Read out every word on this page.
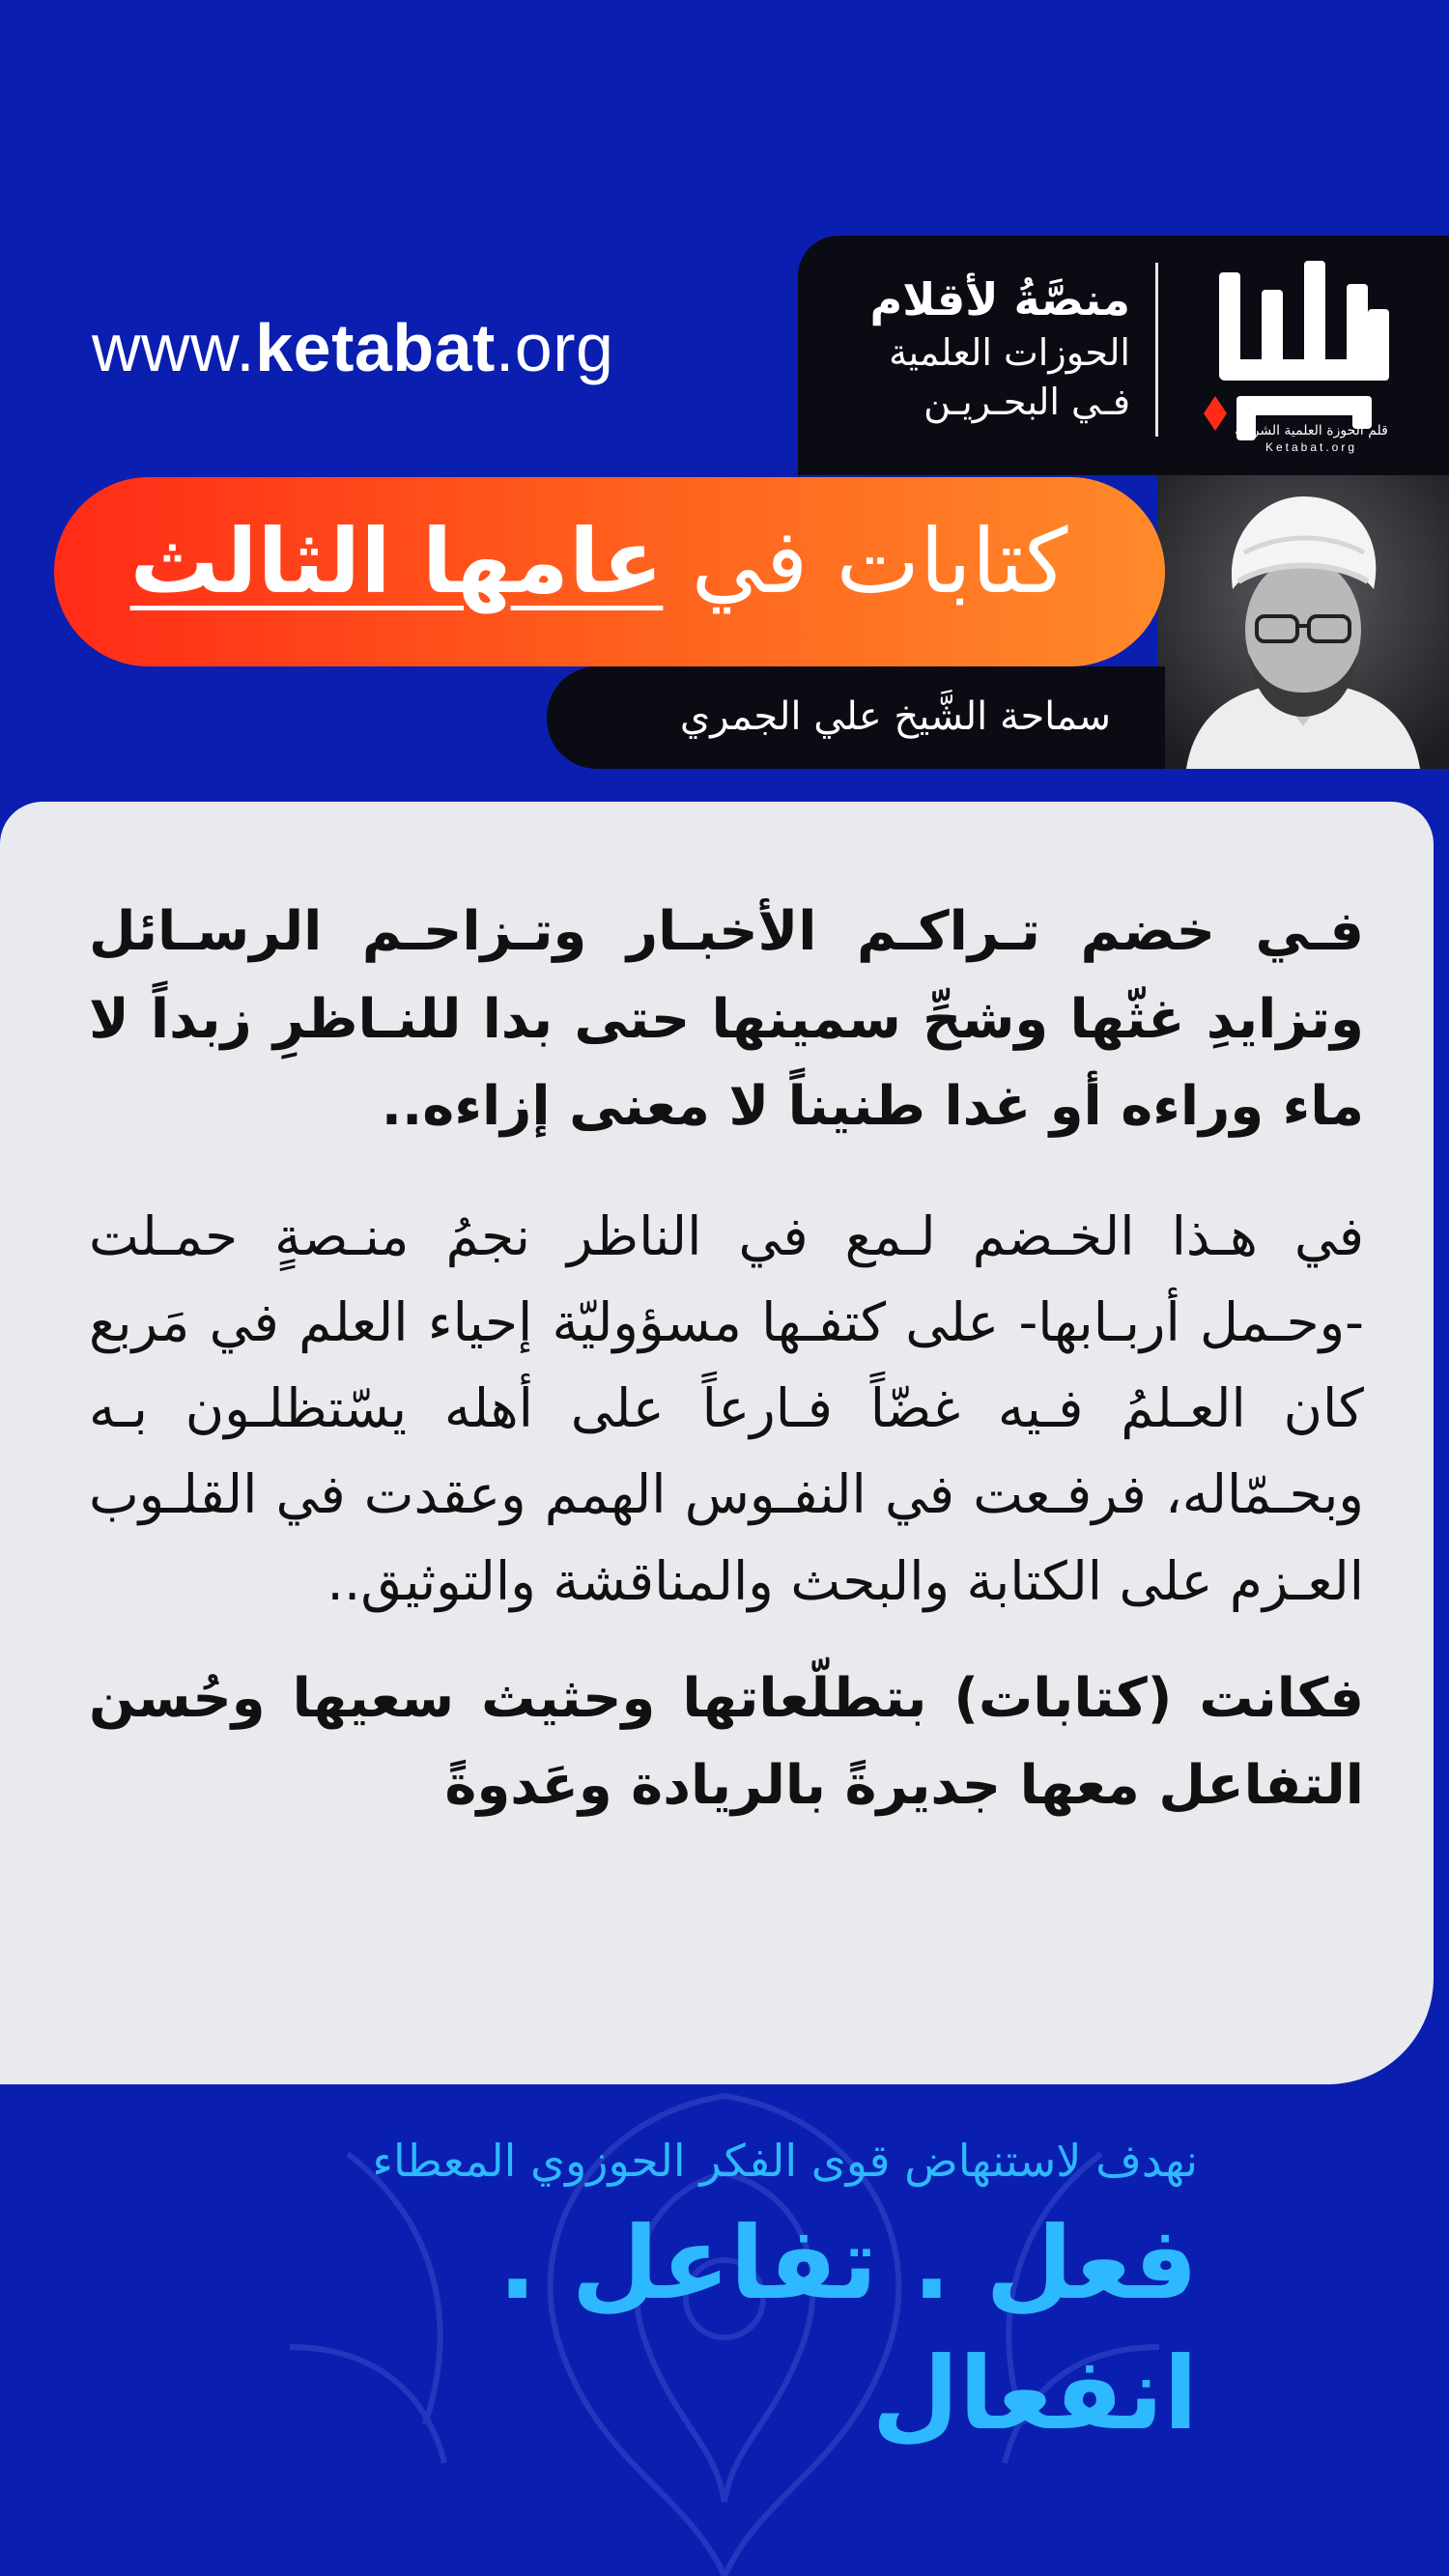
www.ketabat.org
قلم الحوزة العلمية الشريفة
Ketabat.org
منصَّةُ لأقلام
الحوزات العلمية
فـي البحـريـن
كتابات في عامها الثالث
سماحة الشَّيخ علي الجمري

فـي خضم تـراكـم الأخبـار وتـزاحـم الرسـائل وتزايدِ غثّها وشحِّ سمينها حتى بدا للنـاظرِ زبداً لا ماء وراءه أو غدا طنيناً لا معنى إزاءه..

في هـذا الخـضم لـمع في الناظر نجمُ منـصةٍ حمـلت -وحـمل أربـابها- على كتفـها مسؤوليّة إحياء العلم في مَربع كان العـلمُ فـيه غضّاً فـارعاً على أهله يسّتظلـون بـه وبحـمّاله، فرفـعت في النفـوس الهمم وعقدت في القلـوب العـزم على الكتابة والبحث والمناقشة والتوثيق..

فكانت (كتابات) بتطلّعاتها وحثيث سعيها وحُسن التفاعل معها جديرةً بالريادة وعَدوةً

نهدف لاستنهاض قوى الفكر الحوزوي المعطاء
فعل . تفاعل . انفعال
